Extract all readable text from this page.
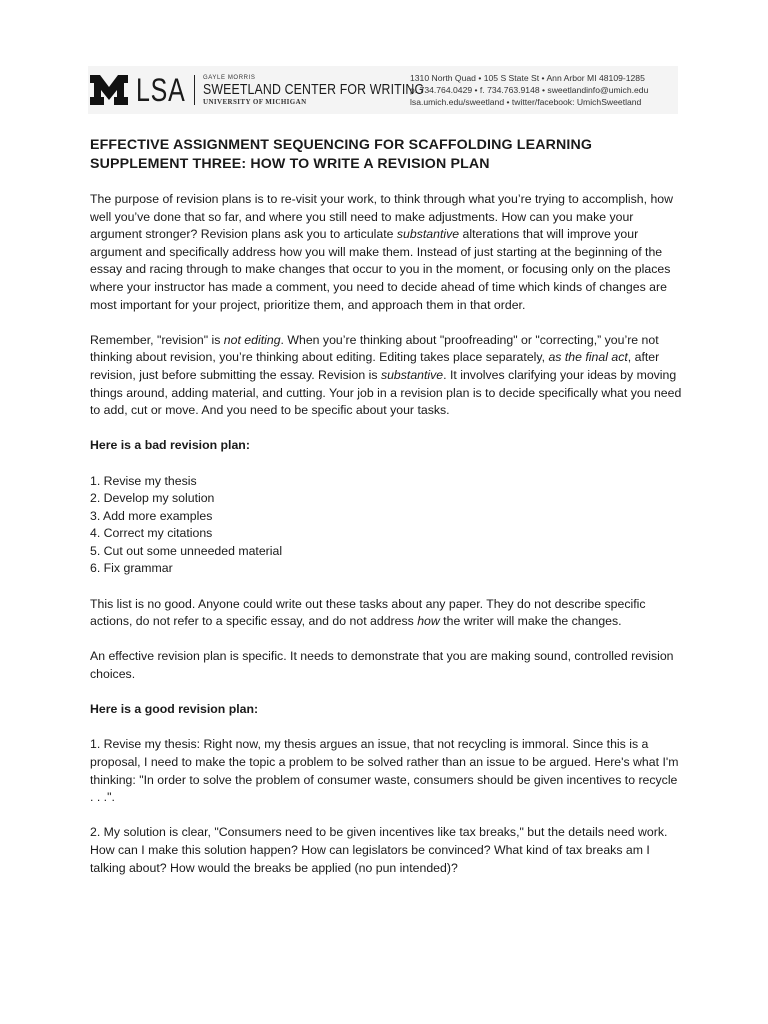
LSA	GAYLE MORRIS
SWEETLAND CENTER FOR WRITING
UNIVERSITY OF MICHIGAN
1310 North Quad • 105 S State St • Ann Arbor MI 48109-1285
p. 734.764.0429 • f. 734.763.9148 • sweetlandinfo@umich.edu
lsa.umich.edu/sweetland • twitter/facebook: UmichSweetland
EFFECTIVE ASSIGNMENT SEQUENCING FOR SCAFFOLDING LEARNING
SUPPLEMENT THREE: HOW TO WRITE A REVISION PLAN

The purpose of revision plans is to re-visit your work, to think through what you’re trying to accomplish, how well you’ve done that so far, and where you still need to make adjustments. How can you make your argument stronger? Revision plans ask you to articulate substantive alterations that will improve your argument and specifically address how you will make them. Instead of just starting at the beginning of the essay and racing through to make changes that occur to you in the moment, or focusing only on the places where your instructor has made a comment, you need to decide ahead of time which kinds of changes are most important for your project, prioritize them, and approach them in that order.

Remember, "revision" is not editing. When you’re thinking about "proofreading" or "correcting,” you’re not thinking about revision, you’re thinking about editing. Editing takes place separately, as the final act, after revision, just before submitting the essay. Revision is substantive. It involves clarifying your ideas by moving things around, adding material, and cutting. Your job in a revision plan is to decide specifically what you need to add, cut or move. And you need to be specific about your tasks.

Here is a bad revision plan:

1. Revise my thesis
2. Develop my solution
3. Add more examples
4. Correct my citations
5. Cut out some unneeded material
6. Fix grammar

This list is no good. Anyone could write out these tasks about any paper. They do not describe specific actions, do not refer to a specific essay, and do not address how the writer will make the changes.

An effective revision plan is specific. It needs to demonstrate that you are making sound, controlled revision choices.

Here is a good revision plan:

1. Revise my thesis: Right now, my thesis argues an issue, that not recycling is immoral. Since this is a proposal, I need to make the topic a problem to be solved rather than an issue to be argued. Here's what I'm thinking: "In order to solve the problem of consumer waste, consumers should be given incentives to recycle . . .".

2. My solution is clear, "Consumers need to be given incentives like tax breaks," but the details need work. How can I make this solution happen? How can legislators be convinced? What kind of tax breaks am I talking about? How would the breaks be applied (no pun intended)?
